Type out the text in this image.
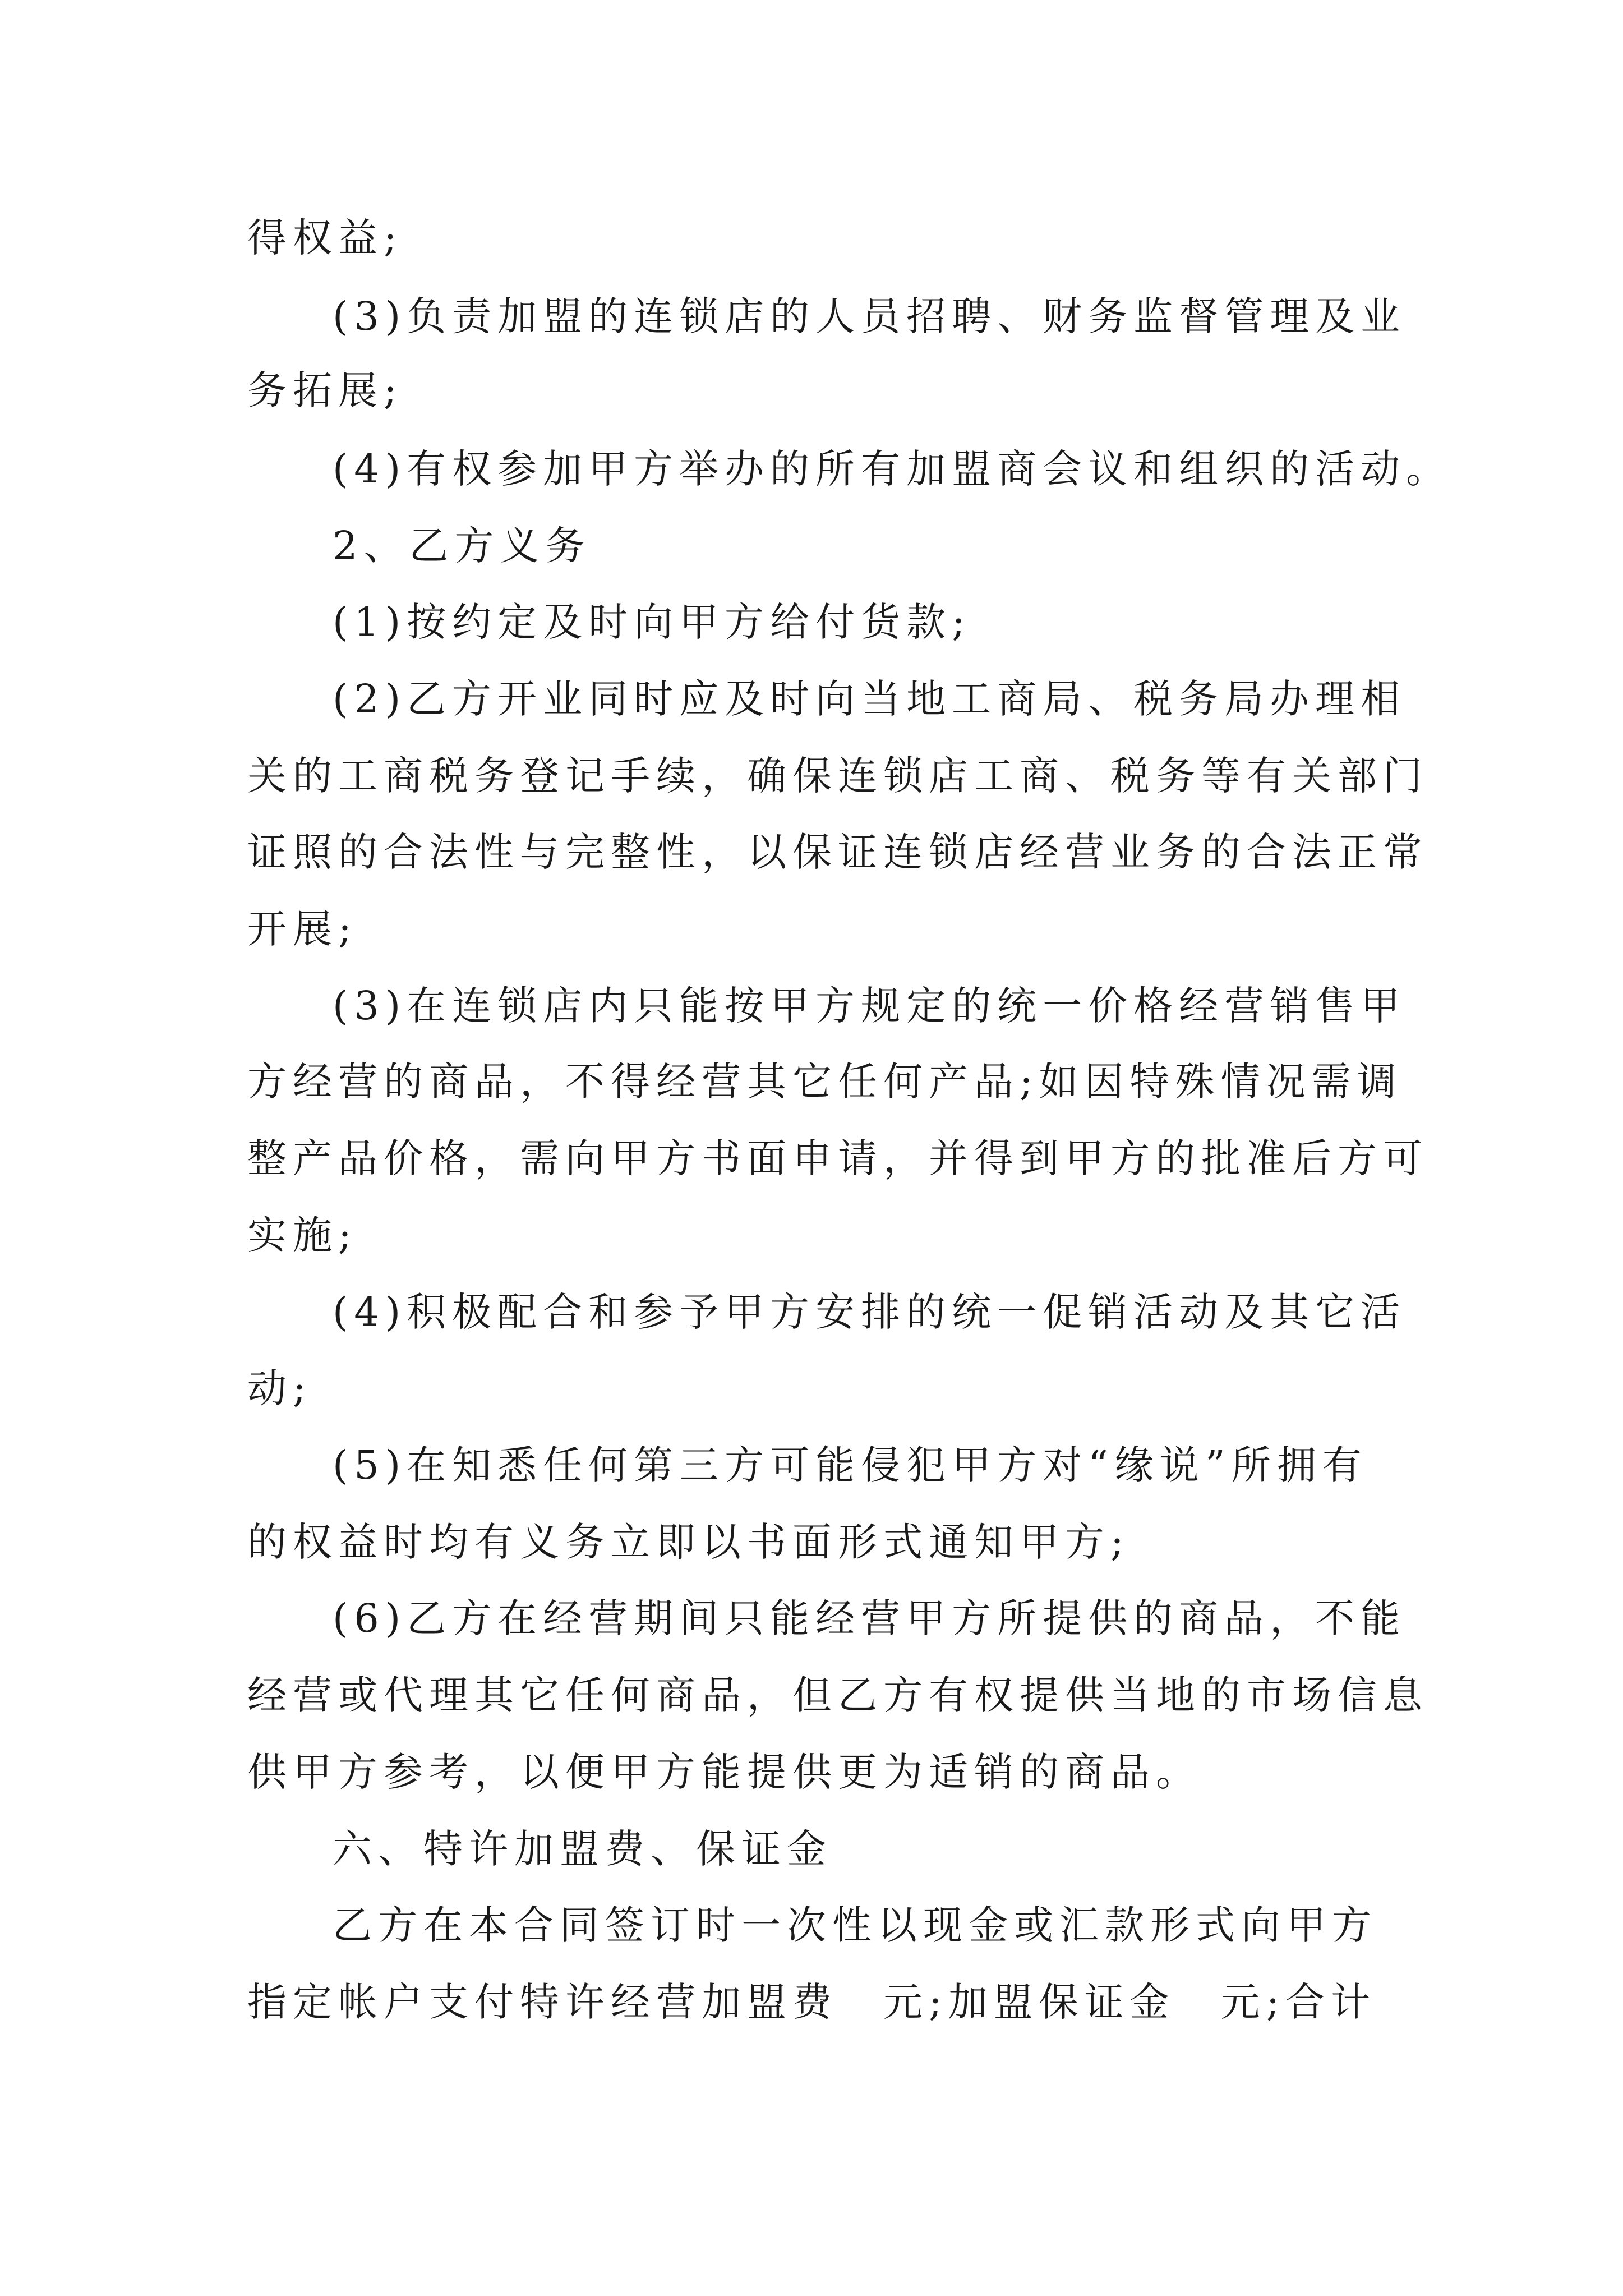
得权益;
(3)负责加盟的连锁店的人员招聘、财务监督管理及业
务拓展;
(4)有权参加甲方举办的所有加盟商会议和组织的活动。
2、乙方义务
(1)按约定及时向甲方给付货款;
(2)乙方开业同时应及时向当地工商局、税务局办理相
关的工商税务登记手续，确保连锁店工商、税务等有关部门
证照的合法性与完整性，以保证连锁店经营业务的合法正常
开展;
(3)在连锁店内只能按甲方规定的统一价格经营销售甲
方经营的商品，不得经营其它任何产品;如因特殊情况需调
整产品价格，需向甲方书面申请，并得到甲方的批准后方可
实施;
(4)积极配合和参予甲方安排的统一促销活动及其它活
动;
(5)在知悉任何第三方可能侵犯甲方对“缘说”所拥有
的权益时均有义务立即以书面形式通知甲方;
(6)乙方在经营期间只能经营甲方所提供的商品，不能
经营或代理其它任何商品，但乙方有权提供当地的市场信息
供甲方参考，以便甲方能提供更为适销的商品。
六、特许加盟费、保证金
乙方在本合同签订时一次性以现金或汇款形式向甲方
指定帐户支付特许经营加盟费　元;加盟保证金　元;合计
